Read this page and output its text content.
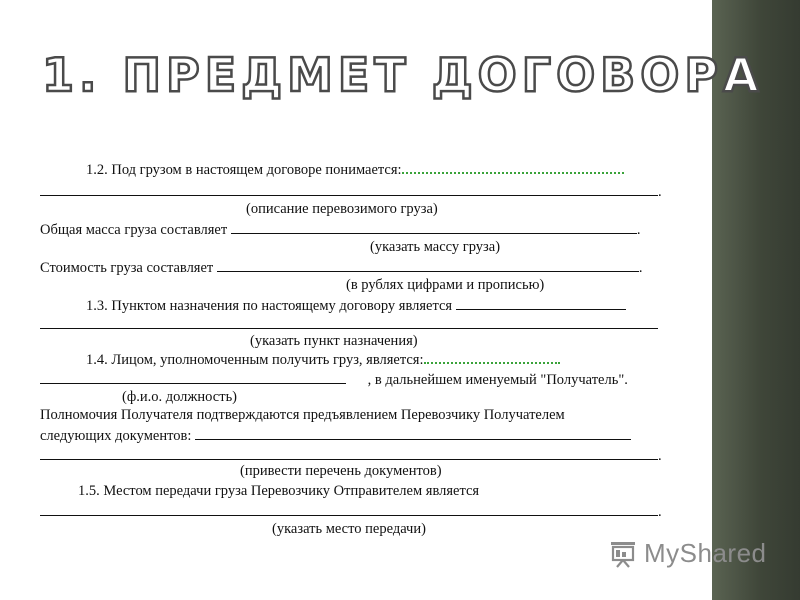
1. ПРЕДМЕТ ДОГОВОРА
1.2. Под грузом в настоящем договоре понимается:
.
(описание перевозимого груза)
Общая масса груза составляет	.
(указать массу груза)
Стоимость груза составляет	.
(в рублях цифрами и прописью)
1.3. Пунктом назначения по настоящему договору является
(указать пункт назначения)
1.4. Лицом, уполномоченным получить груз, является:
, в дальнейшем именуемый "Получатель".
(ф.и.о. должность)
Полномочия Получателя подтверждаются предъявлением Перевозчику Получателем
следующих документов:
.
(привести перечень документов)
1.5. Местом передачи груза Перевозчику Отправителем является
.
(указать место передачи)
MyShared
